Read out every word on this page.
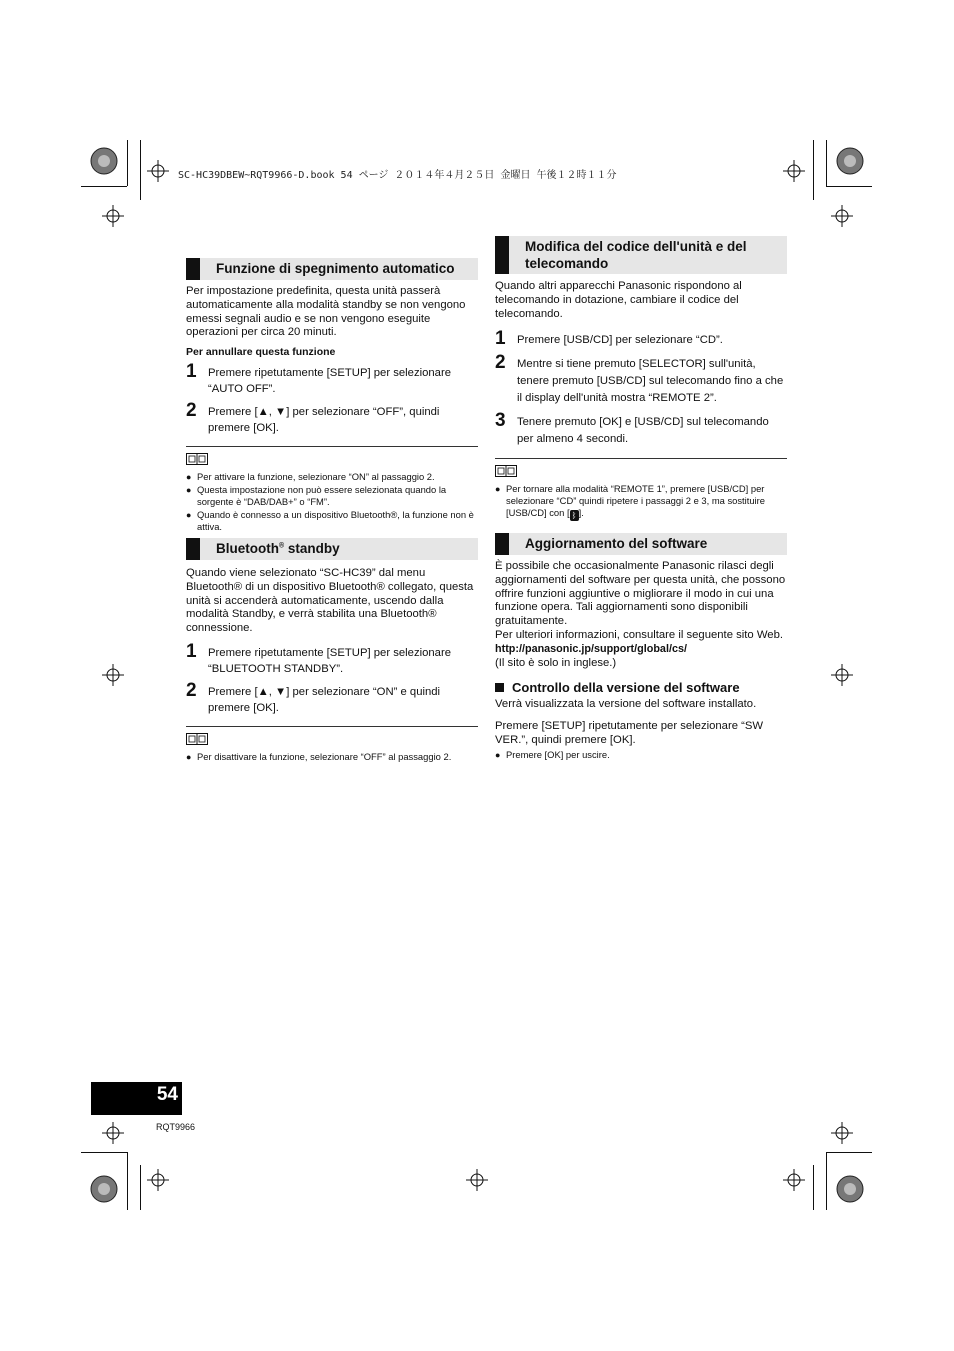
SC-HC39DBEW~RQT9966-D.book 54 ページ ２０１４年４月２５日 金曜日 午後１２時１１分
Funzione di spegnimento automatico
Per impostazione predefinita, questa unità passerà automaticamente alla modalità standby se non vengono emessi segnali audio e se non vengono eseguite operazioni per circa 20 minuti.
Per annullare questa funzione
1	Premere ripetutamente [SETUP] per selezionare “AUTO OFF”.
2	Premere [▲, ▼] per selezionare “OFF”, quindi premere [OK].
● Per attivare la funzione, selezionare “ON” al passaggio 2.
● Questa impostazione non può essere selezionata quando la sorgente è “DAB/DAB+” o “FM”.
● Quando è connesso a un dispositivo Bluetooth®, la funzione non è attiva.
Bluetooth® standby
Quando viene selezionato “SC-HC39” dal menu Bluetooth® di un dispositivo Bluetooth® collegato, questa unità si accenderà automaticamente, uscendo dalla modalità Standby, e verrà stabilita una Bluetooth® connessione.
1	Premere ripetutamente [SETUP] per selezionare “BLUETOOTH STANDBY”.
2	Premere [▲, ▼] per selezionare “ON” e quindi premere [OK].
● Per disattivare la funzione, selezionare “OFF” al passaggio 2.
Modifica del codice dell'unità e del telecomando
Quando altri apparecchi Panasonic rispondono al telecomando in dotazione, cambiare il codice del telecomando.
1	Premere [USB/CD] per selezionare “CD”.
2	Mentre si tiene premuto [SELECTOR] sull'unità, tenere premuto [USB/CD] sul telecomando fino a che il display dell'unità mostra “REMOTE 2”.
3	Tenere premuto [OK] e [USB/CD] sul telecomando per almeno 4 secondi.
● Per tornare alla modalità “REMOTE 1”, premere [USB/CD] per selezionare “CD” quindi ripetere i passaggi 2 e 3, ma sostituire [USB/CD] con [ ᛒ ].
Aggiornamento del software
È possibile che occasionalmente Panasonic rilasci degli aggiornamenti del software per questa unità, che possono offrire funzioni aggiuntive o migliorare il modo in cui una funzione opera. Tali aggiornamenti sono disponibili gratuitamente.
Per ulteriori informazioni, consultare il seguente sito Web.
http://panasonic.jp/support/global/cs/
(Il sito è solo in inglese.)
Controllo della versione del software
Verrà visualizzata la versione del software installato.
Premere [SETUP] ripetutamente per selezionare “SW VER.”, quindi premere [OK].
● Premere [OK] per uscire.
54
RQT9966
